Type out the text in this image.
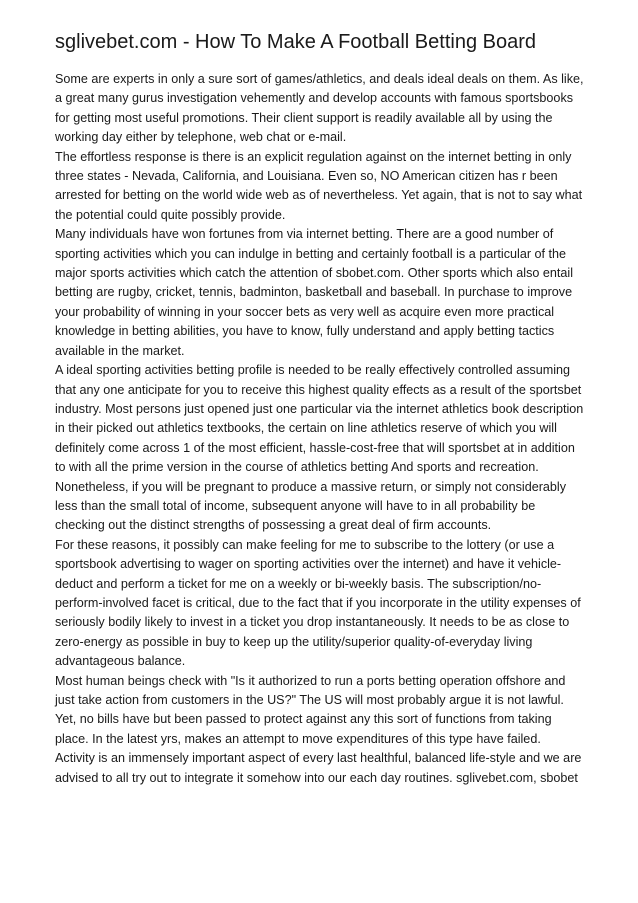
sglivebet.com - How To Make A Football Betting Board

Some are experts in only a sure sort of games/athletics, and deals ideal deals on them. As like, a great many gurus investigation vehemently and develop accounts with famous sportsbooks for getting most useful promotions. Their client support is readily available all by using the working day either by telephone, web chat or e-mail.

The effortless response is there is an explicit regulation against on the internet betting in only three states - Nevada, California, and Louisiana. Even so, NO American citizen has r been arrested for betting on the world wide web as of nevertheless. Yet again, that is not to say what the potential could quite possibly provide.

Many individuals have won fortunes from via internet betting. There are a good number of sporting activities which you can indulge in betting and certainly football is a particular of the major sports activities which catch the attention of sbobet.com. Other sports which also entail betting are rugby, cricket, tennis, badminton, basketball and baseball. In purchase to improve your probability of winning in your soccer bets as very well as acquire even more practical knowledge in betting abilities, you have to know, fully understand and apply betting tactics available in the market.

A ideal sporting activities betting profile is needed to be really effectively controlled assuming that any one anticipate for you to receive this highest quality effects as a result of the sportsbet industry. Most persons just opened just one particular via the internet athletics book description in their picked out athletics textbooks, the certain on line athletics reserve of which you will definitely come across 1 of the most efficient, hassle-cost-free that will sportsbet at in addition to with all the prime version in the course of athletics betting And sports and recreation. Nonetheless, if you will be pregnant to produce a massive return, or simply not considerably less than the small total of income, subsequent anyone will have to in all probability be checking out the distinct strengths of possessing a great deal of firm accounts.

For these reasons, it possibly can make feeling for me to subscribe to the lottery (or use a sportsbook advertising to wager on sporting activities over the internet) and have it vehicle-deduct and perform a ticket for me on a weekly or bi-weekly basis. The subscription/no-perform-involved facet is critical, due to the fact that if you incorporate in the utility expenses of seriously bodily likely to invest in a ticket you drop instantaneously. It needs to be as close to zero-energy as possible in buy to keep up the utility/superior quality-of-everyday living advantageous balance.

Most human beings check with "Is it authorized to run a ports betting operation offshore and just take action from customers in the US?" The US will most probably argue it is not lawful. Yet, no bills have but been passed to protect against any this sort of functions from taking place. In the latest yrs, makes an attempt to move expenditures of this type have failed.

Activity is an immensely important aspect of every last healthful, balanced life-style and we are advised to all try out to integrate it somehow into our each day routines. sglivebet.com, sbobet
